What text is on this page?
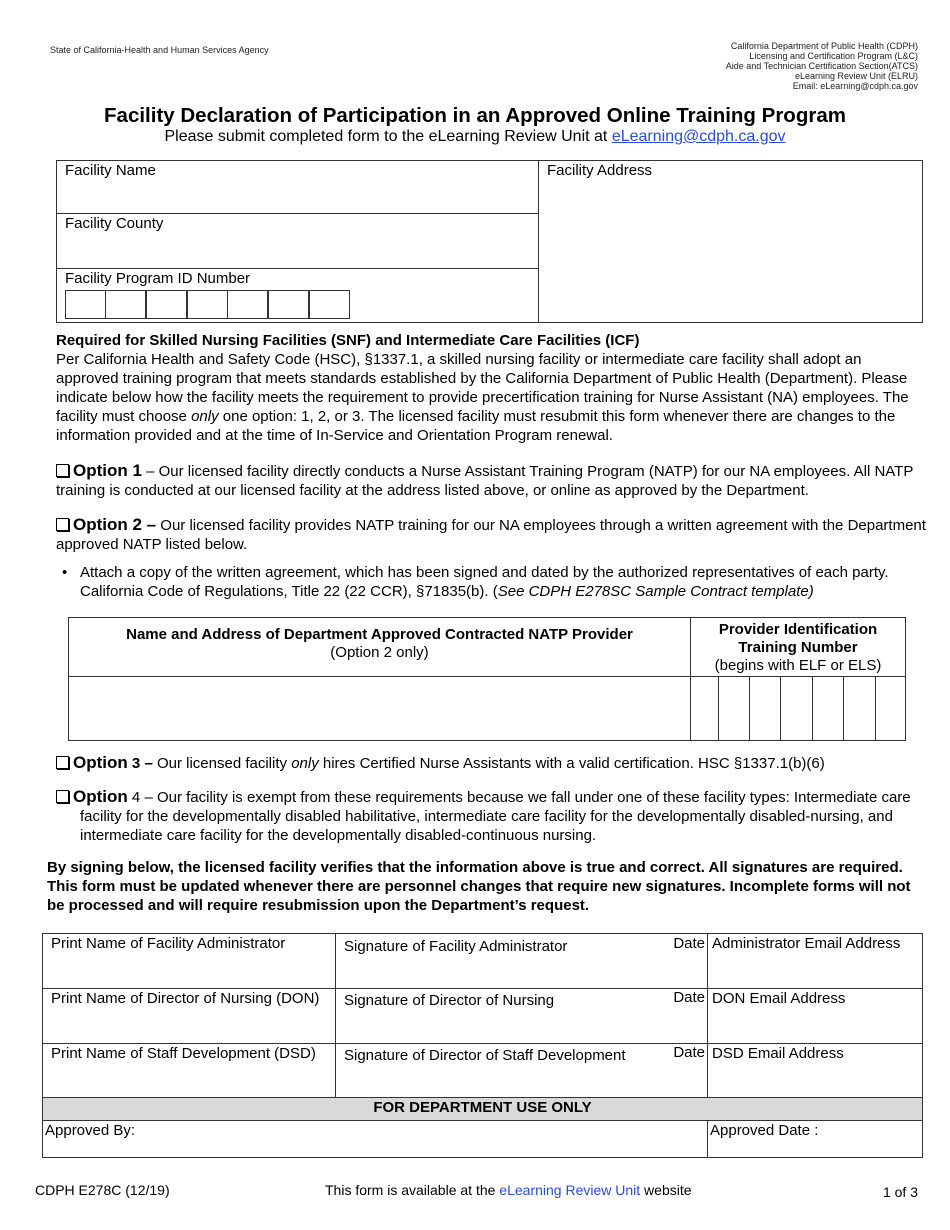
State of California-Health and Human Services Agency	California Department of Public Health (CDPH)
Licensing and Certification Program (L&C)
Aide and Technician Certification Section(ATCS)
eLearning Review Unit (ELRU)
Email: eLearning@cdph.ca.gov
Facility Declaration of Participation in an Approved Online Training Program
Please submit completed form to the eLearning Review Unit at eLearning@cdph.ca.gov
Facility Name
Facility County
Facility Program ID Number
Facility Address
Required for Skilled Nursing Facilities (SNF) and Intermediate Care Facilities (ICF)
Per California Health and Safety Code (HSC), §1337.1, a skilled nursing facility or intermediate care facility shall adopt an approved training program that meets standards established by the California Department of Public Health (Department). Please indicate below how the facility meets the requirement to provide precertification training for Nurse Assistant (NA) employees. The facility must choose only one option: 1, 2, or 3. The licensed facility must resubmit this form whenever there are changes to the information provided and at the time of In-Service and Orientation Program renewal.
Option 1 – Our licensed facility directly conducts a Nurse Assistant Training Program (NATP) for our NA employees. All NATP training is conducted at our licensed facility at the address listed above, or online as approved by the Department.
Option 2 – Our licensed facility provides NATP training for our NA employees through a written agreement with the Department approved NATP listed below.
• Attach a copy of the written agreement, which has been signed and dated by the authorized representatives of each party. California Code of Regulations, Title 22 (22 CCR), §71835(b). (See CDPH E278SC Sample Contract template)
Name and Address of Department Approved Contracted NATP Provider
(Option 2 only)
Provider Identification Training Number
(begins with ELF or ELS)
Option 3 – Our licensed facility only hires Certified Nurse Assistants with a valid certification. HSC §1337.1(b)(6)
Option 4 – Our facility is exempt from these requirements because we fall under one of these facility types: Intermediate care facility for the developmentally disabled habilitative, intermediate care facility for the developmentally disabled-nursing, and intermediate care facility for the developmentally disabled-continuous nursing.
By signing below, the licensed facility verifies that the information above is true and correct. All signatures are required. This form must be updated whenever there are personnel changes that require new signatures. Incomplete forms will not be processed and will require resubmission upon the Department’s request.
Print Name of Facility Administrator	Signature of Facility Administrator	Date Administrator Email Address
Print Name of Director of Nursing (DON)	Signature of Director of Nursing	Date DON Email Address
Print Name of Staff Development (DSD)	Signature of Director of Staff Development	Date DSD Email Address
FOR DEPARTMENT USE ONLY
Approved By:	Approved Date :
CDPH E278C (12/19)	This form is available at the eLearning Review Unit website	1 of 3
